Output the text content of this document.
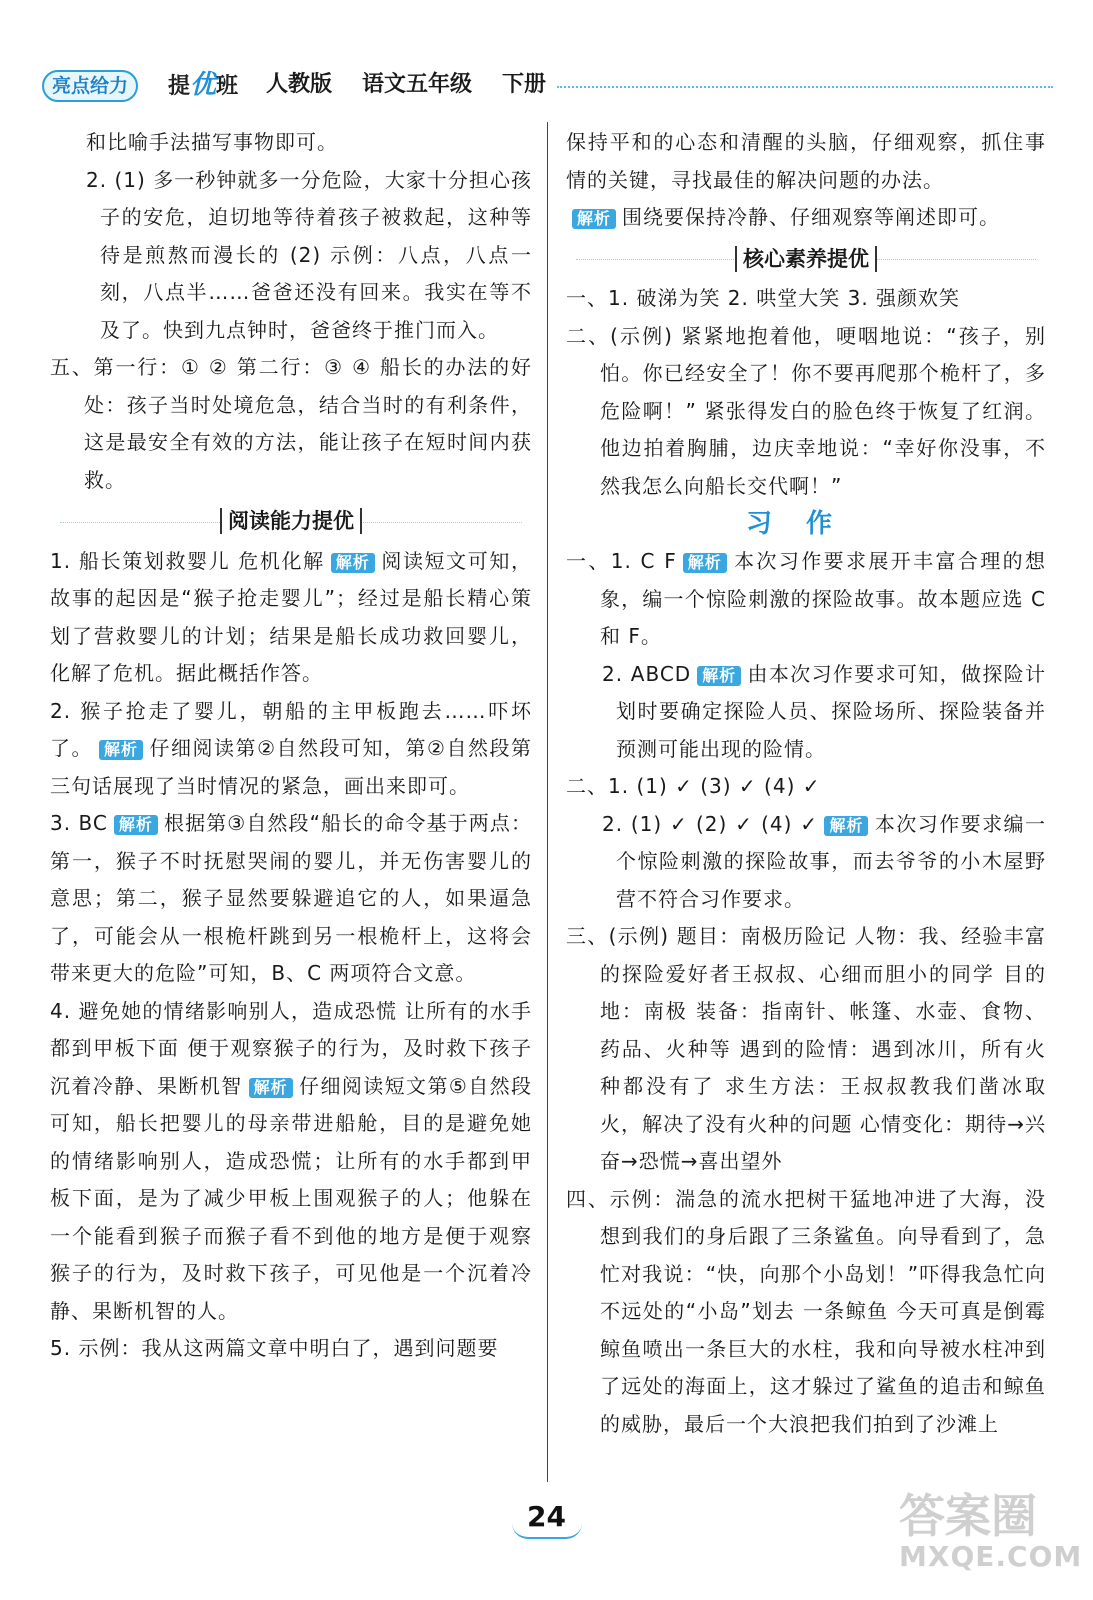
亮点给力	提优班 人教版 语文五年级 下册

和比喻手法描写事物即可。

2. (1) 多一秒钟就多一分危险，大家十分担心孩子的安危，迫切地等待着孩子被救起，这种等待是煎熬而漫长的 (2) 示例：八点，八点一刻，八点半……爸爸还没有回来。我实在等不及了。快到九点钟时，爸爸终于推门而入。

五、第一行：① ② 第二行：③ ④ 船长的办法的好处：孩子当时处境危急，结合当时的有利条件，这是最安全有效的方法，能让孩子在短时间内获救。

阅读能力提优

1. 船长策划救婴儿 危机化解 解析 阅读短文可知，故事的起因是“猴子抢走婴儿”；经过是船长精心策划了营救婴儿的计划；结果是船长成功救回婴儿，化解了危机。据此概括作答。

2. 猴子抢走了婴儿，朝船的主甲板跑去……吓坏了。 解析 仔细阅读第②自然段可知，第②自然段第三句话展现了当时情况的紧急，画出来即可。

3. BC 解析 根据第③自然段“船长的命令基于两点：第一，猴子不时抚慰哭闹的婴儿，并无伤害婴儿的意思；第二，猴子显然要躲避追它的人，如果逼急了，可能会从一根桅杆跳到另一根桅杆上，这将会带来更大的危险”可知，B、C 两项符合文意。

4. 避免她的情绪影响别人，造成恐慌 让所有的水手都到甲板下面 便于观察猴子的行为，及时救下孩子 沉着冷静、果断机智 解析 仔细阅读短文第⑤自然段可知，船长把婴儿的母亲带进船舱，目的是避免她的情绪影响别人，造成恐慌；让所有的水手都到甲板下面，是为了减少甲板上围观猴子的人；他躲在一个能看到猴子而猴子看不到他的地方是便于观察猴子的行为，及时救下孩子，可见他是一个沉着冷静、果断机智的人。

5. 示例：我从这两篇文章中明白了，遇到问题要

保持平和的心态和清醒的头脑，仔细观察，抓住事情的关键，寻找最佳的解决问题的办法。

解析 围绕要保持冷静、仔细观察等阐述即可。

核心素养提优

一、1. 破涕为笑 2. 哄堂大笑 3. 强颜欢笑

二、(示例) 紧紧地抱着他，哽咽地说：“孩子，别怕。你已经安全了！你不要再爬那个桅杆了，多危险啊！” 紧张得发白的脸色终于恢复了红润。他边拍着胸脯，边庆幸地说：“幸好你没事，不然我怎么向船长交代啊！”

习作

一、1. C F 解析 本次习作要求展开丰富合理的想象，编一个惊险刺激的探险故事。故本题应选 C 和 F。

2. ABCD 解析 由本次习作要求可知，做探险计划时要确定探险人员、探险场所、探险装备并预测可能出现的险情。

二、1. (1) ✓ (3) ✓ (4) ✓

2. (1) ✓ (2) ✓ (4) ✓ 解析 本次习作要求编一个惊险刺激的探险故事，而去爷爷的小木屋野营不符合习作要求。

三、(示例) 题目：南极历险记 人物：我、经验丰富的探险爱好者王叔叔、心细而胆小的同学 目的地：南极 装备：指南针、帐篷、水壶、食物、药品、火种等 遇到的险情：遇到冰川，所有火种都没有了 求生方法：王叔叔教我们凿冰取火，解决了没有火种的问题 心情变化：期待→兴奋→恐慌→喜出望外

四、示例：湍急的流水把树干猛地冲进了大海，没想到我们的身后跟了三条鲨鱼。向导看到了，急忙对我说：“快，向那个小岛划！”吓得我急忙向不远处的“小岛”划去 一条鲸鱼 今天可真是倒霉 鲸鱼喷出一条巨大的水柱，我和向导被水柱冲到了远处的海面上，这才躲过了鲨鱼的追击和鲸鱼的威胁，最后一个大浪把我们拍到了沙滩上

24	答案圈
MXQE.COM
